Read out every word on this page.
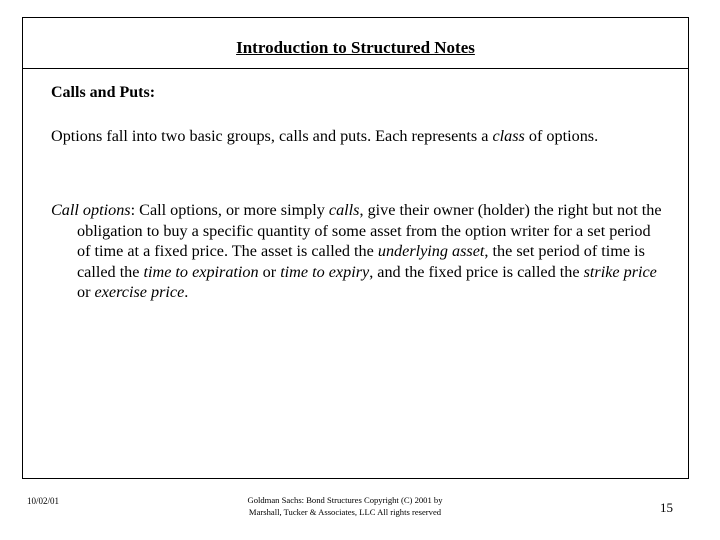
Introduction to Structured Notes
Calls and Puts:

Options fall into two basic groups, calls and puts. Each represents a class of options.

Call options: Call options, or more simply calls, give their owner (holder) the right but not the obligation to buy a specific quantity of some asset from the option writer for a set period of time at a fixed price. The asset is called the underlying asset, the set period of time is called the time to expiration or time to expiry, and the fixed price is called the strike price or exercise price.

10/02/01	Goldman Sachs: Bond Structures Copyright (C) 2001 by Marshall, Tucker & Associates, LLC All rights reserved	15
